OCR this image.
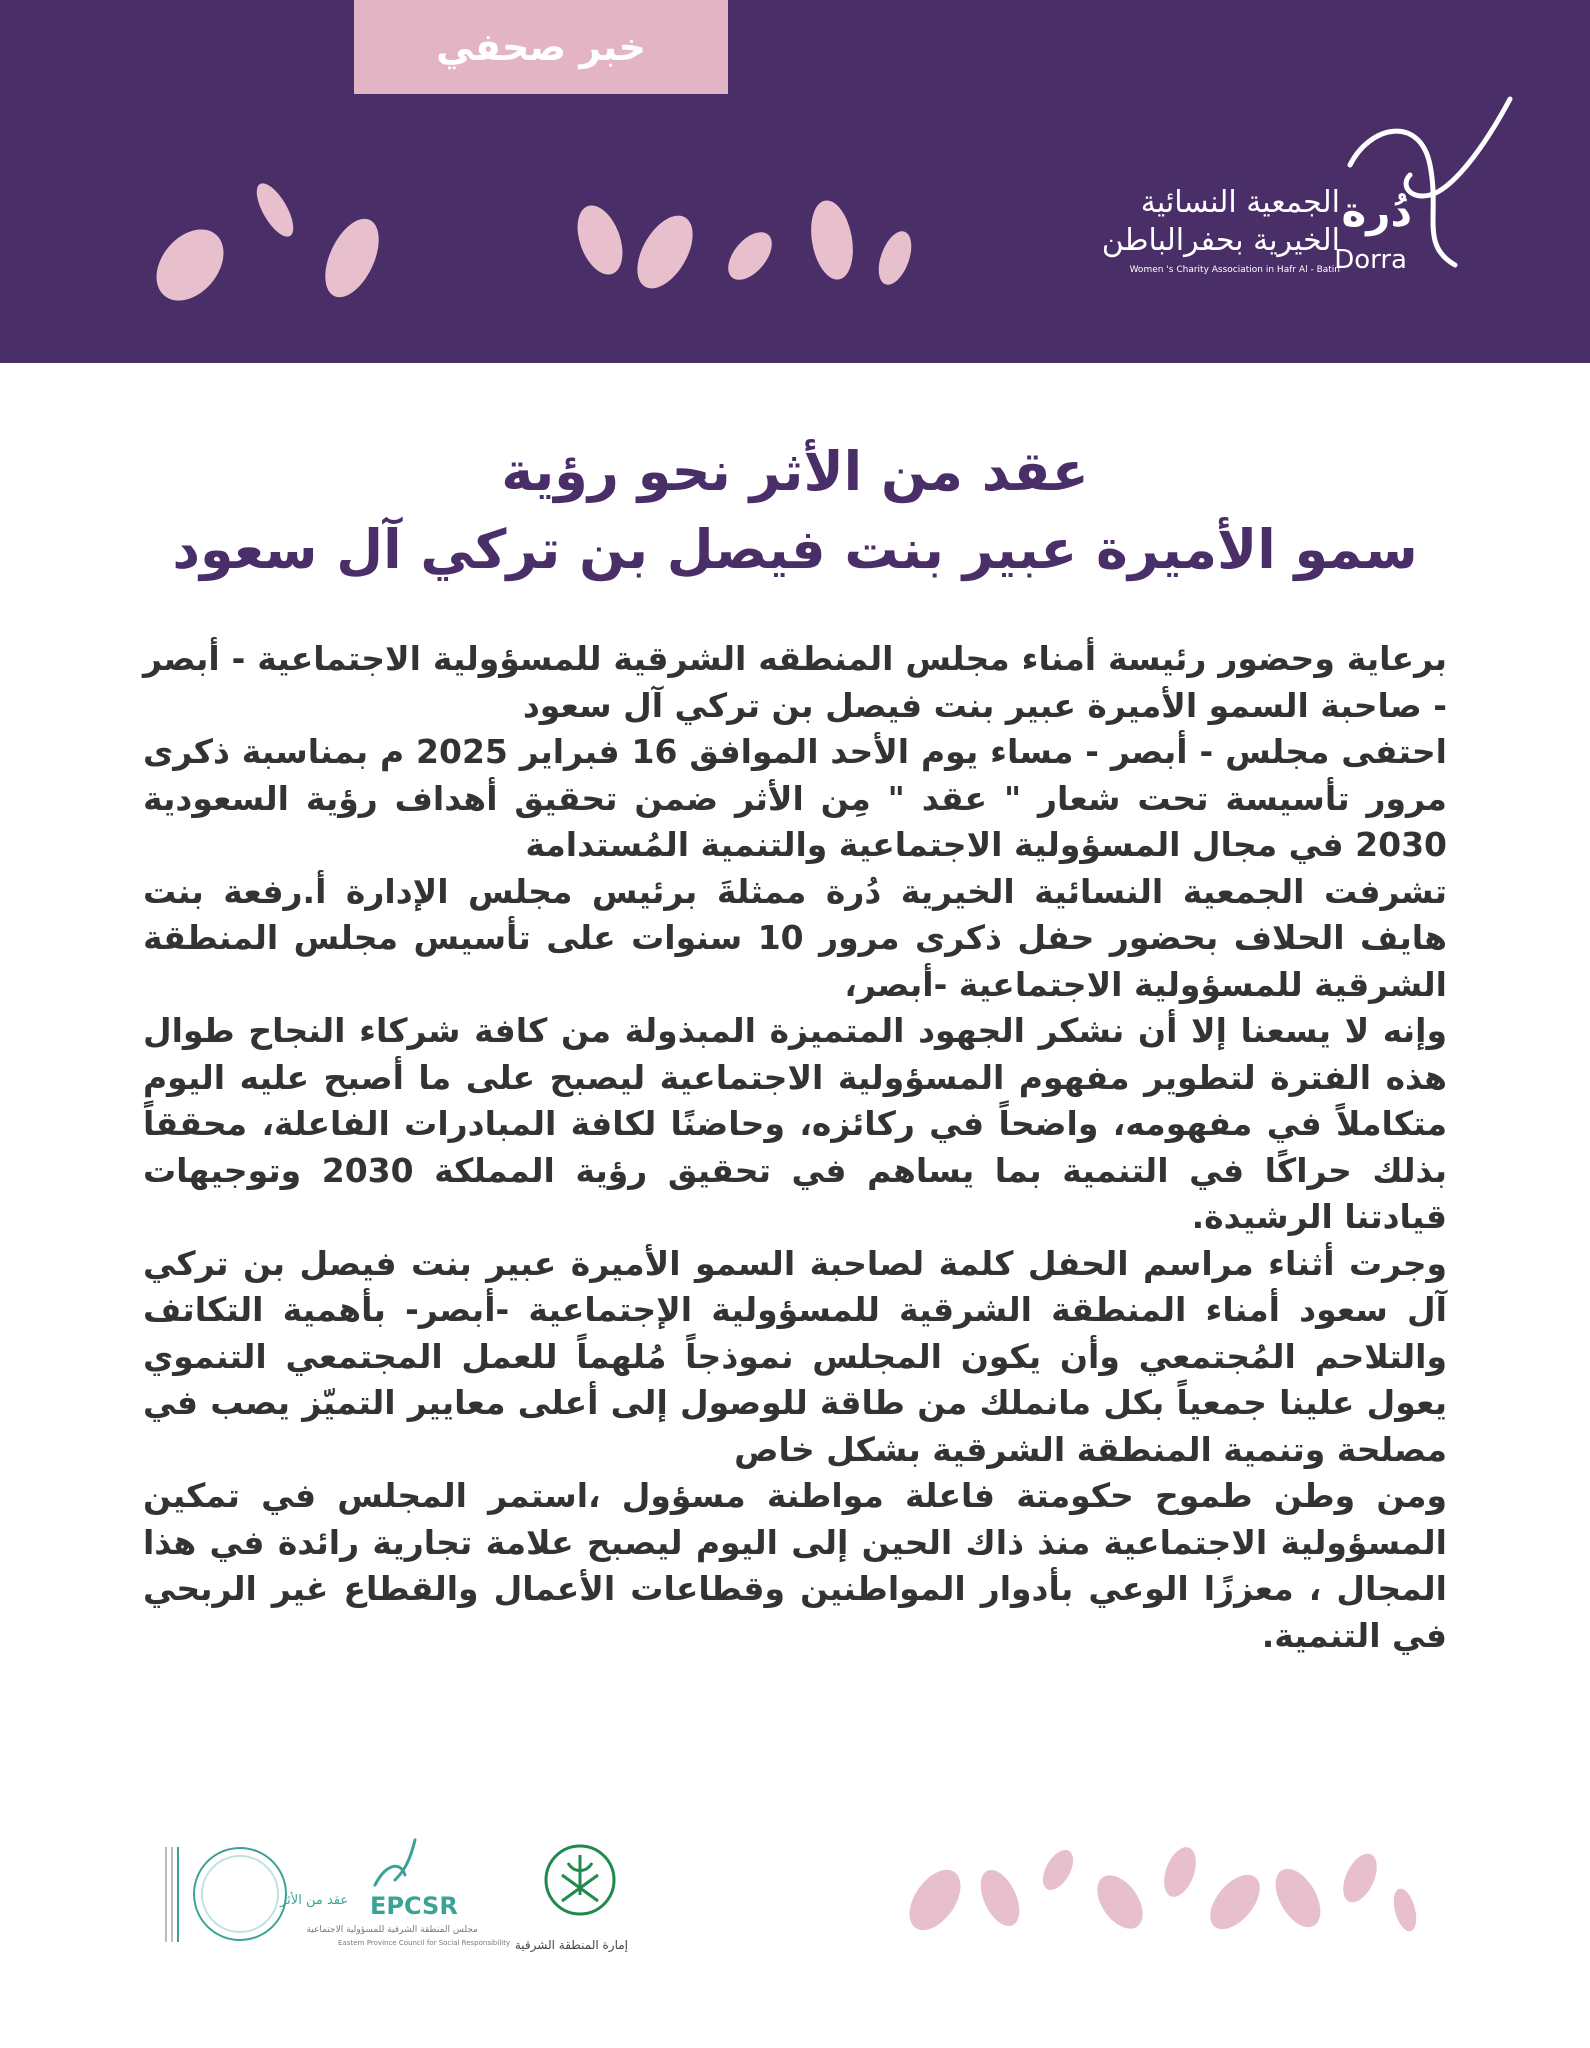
خبر صحفي
دُرة
Dorra
الجمعية النسائية
الخيرية بحفرالباطن
Women 's Charity Association in Hafr Al - Batin
عقد من الأثر نحو رؤية
سمو الأميرة عبير بنت فيصل بن تركي آل سعود

برعاية وحضور رئيسة أمناء مجلس المنطقه الشرقية للمسؤولية الاجتماعية - أبصر - صاحبة السمو الأميرة عبير بنت فيصل بن تركي آل سعود

احتفى مجلس - أبصر - مساء يوم الأحد الموافق 16 فبراير 2025 م بمناسبة ذكرى مرور تأسيسة تحت شعار " عقد " مِن الأثر ضمن تحقيق أهداف رؤية السعودية 2030 في مجال المسؤولية الاجتماعية والتنمية المُستدامة

تشرفت الجمعية النسائية الخيرية دُرة ممثلةَ برئيس مجلس الإدارة أ.رفعة بنت هايف الحلاف بحضور حفل ذكرى مرور 10 سنوات على تأسيس مجلس المنطقة الشرقية للمسؤولية الاجتماعية -أبصر،

وإنه لا يسعنا إلا أن نشكر الجهود المتميزة المبذولة من كافة شركاء النجاح طوال هذه الفترة لتطوير مفهوم المسؤولية الاجتماعية ليصبح على ما أصبح عليه اليوم متكاملاً في مفهومه، واضحاً في ركائزه، وحاضنًا لكافة المبادرات الفاعلة، محققاً بذلك حراكًا في التنمية بما يساهم في تحقيق رؤية المملكة 2030 وتوجيهات قيادتنا الرشيدة.

وجرت أثناء مراسم الحفل كلمة لصاحبة السمو الأميرة عبير بنت فيصل بن تركي آل سعود أمناء المنطقة الشرقية للمسؤولية الإجتماعية -أبصر- بأهمية التكاتف والتلاحم المُجتمعي وأن يكون المجلس نموذجاً مُلهماً للعمل المجتمعي التنموي يعول علينا جمعياً بكل مانملك من طاقة للوصول إلى أعلى معايير التميّز يصب في مصلحة وتنمية المنطقة الشرقية بشكل خاص

ومن وطن طموح حكومتة فاعلة مواطنة مسؤول ،استمر المجلس في تمكين المسؤولية الاجتماعية منذ ذاك الحين إلى اليوم ليصبح علامة تجارية رائدة في هذا المجال ، معززًا الوعي بأدوار المواطنين وقطاعات الأعمال والقطاع غير الربحي في التنمية.

عقد من الأثر EPCSR
مجلس المنطقة الشرقية للمسؤولية الاجتماعية
Eastern Province Council for Social Responsibility إمارة المنطقة الشرقية
